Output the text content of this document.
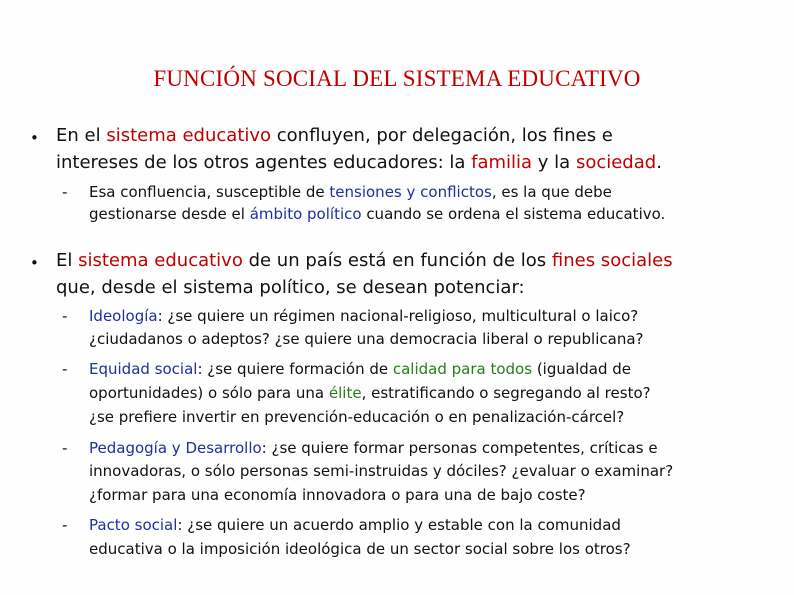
FUNCIÓN SOCIAL DEL SISTEMA EDUCATIVO
• En el sistema educativo confluyen, por delegación, los fines e
intereses de los otros agentes educadores: la familia y la sociedad.
- Esa confluencia, susceptible de tensiones y conflictos, es la que debe
gestionarse desde el ámbito político cuando se ordena el sistema educativo.
• El sistema educativo de un país está en función de los fines sociales
que, desde el sistema político, se desean potenciar:
- Ideología: ¿se quiere un régimen nacional-religioso, multicultural o laico?
¿ciudadanos o adeptos? ¿se quiere una democracia liberal o republicana?
- Equidad social: ¿se quiere formación de calidad para todos (igualdad de
oportunidades) o sólo para una élite, estratificando o segregando al resto?
¿se prefiere invertir en prevención-educación o en penalización-cárcel?
- Pedagogía y Desarrollo: ¿se quiere formar personas competentes, críticas e
innovadoras, o sólo personas semi-instruidas y dóciles? ¿evaluar o examinar?
¿formar para una economía innovadora o para una de bajo coste?
- Pacto social: ¿se quiere un acuerdo amplio y estable con la comunidad
educativa o la imposición ideológica de un sector social sobre los otros?
